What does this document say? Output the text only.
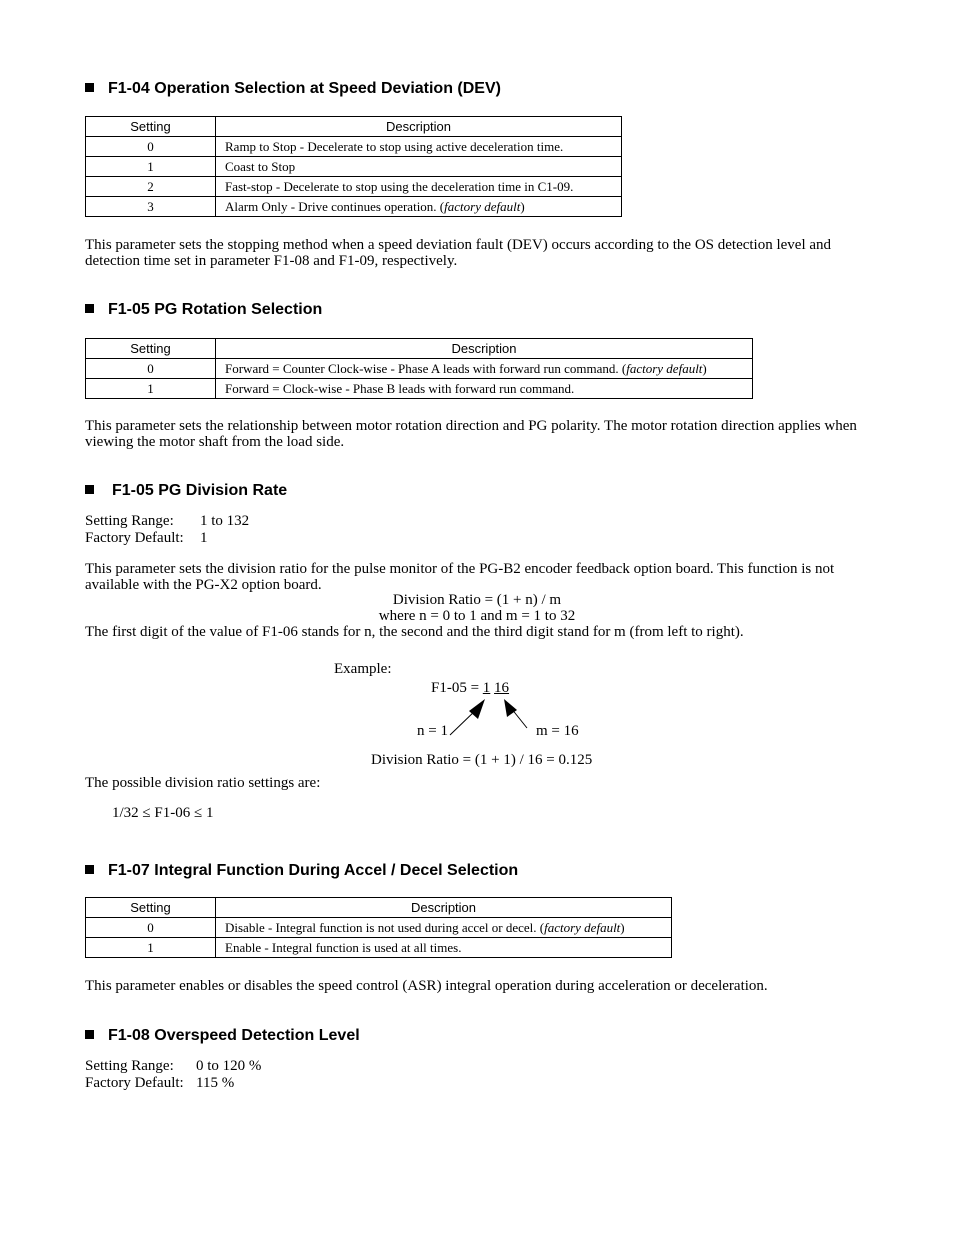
F1-04 Operation Selection at Speed Deviation (DEV)
Setting	Description
0	Ramp to Stop - Decelerate to stop using active deceleration time.
1	Coast to Stop
2	Fast-stop - Decelerate to stop using the deceleration time in C1-09.
3	Alarm Only - Drive continues operation. (factory default)
This parameter sets the stopping method when a speed deviation fault (DEV) occurs according to the OS detection level and detection time set in parameter F1-08 and F1-09, respectively.
F1-05 PG Rotation Selection
Setting	Description
0	Forward = Counter Clock-wise - Phase A leads with forward run command. (factory default)
1	Forward = Clock-wise - Phase B leads with forward run command.
This parameter sets the relationship between motor rotation direction and PG polarity. The motor rotation direction applies when viewing the motor shaft from the load side.
F1-05 PG Division Rate
Setting Range: 1 to 132
Factory Default: 1
This parameter sets the division ratio for the pulse monitor of the PG-B2 encoder feedback option board. This function is not available with the PG-X2 option board.
Division Ratio = (1 + n) / m
where n = 0 to 1 and m = 1 to 32
The first digit of the value of F1-06 stands for n, the second and the third digit stand for m (from left to right).
Example:
F1-05 = 1 16
n = 1	m = 16
Division Ratio = (1 + 1) / 16 = 0.125
The possible division ratio settings are:
1/32 ≤ F1-06 ≤ 1
F1-07 Integral Function During Accel / Decel Selection
Setting	Description
0	Disable - Integral function is not used during accel or decel. (factory default)
1	Enable - Integral function is used at all times.
This parameter enables or disables the speed control (ASR) integral operation during acceleration or deceleration.
F1-08 Overspeed Detection Level
Setting Range: 0 to 120 %
Factory Default: 115 %
